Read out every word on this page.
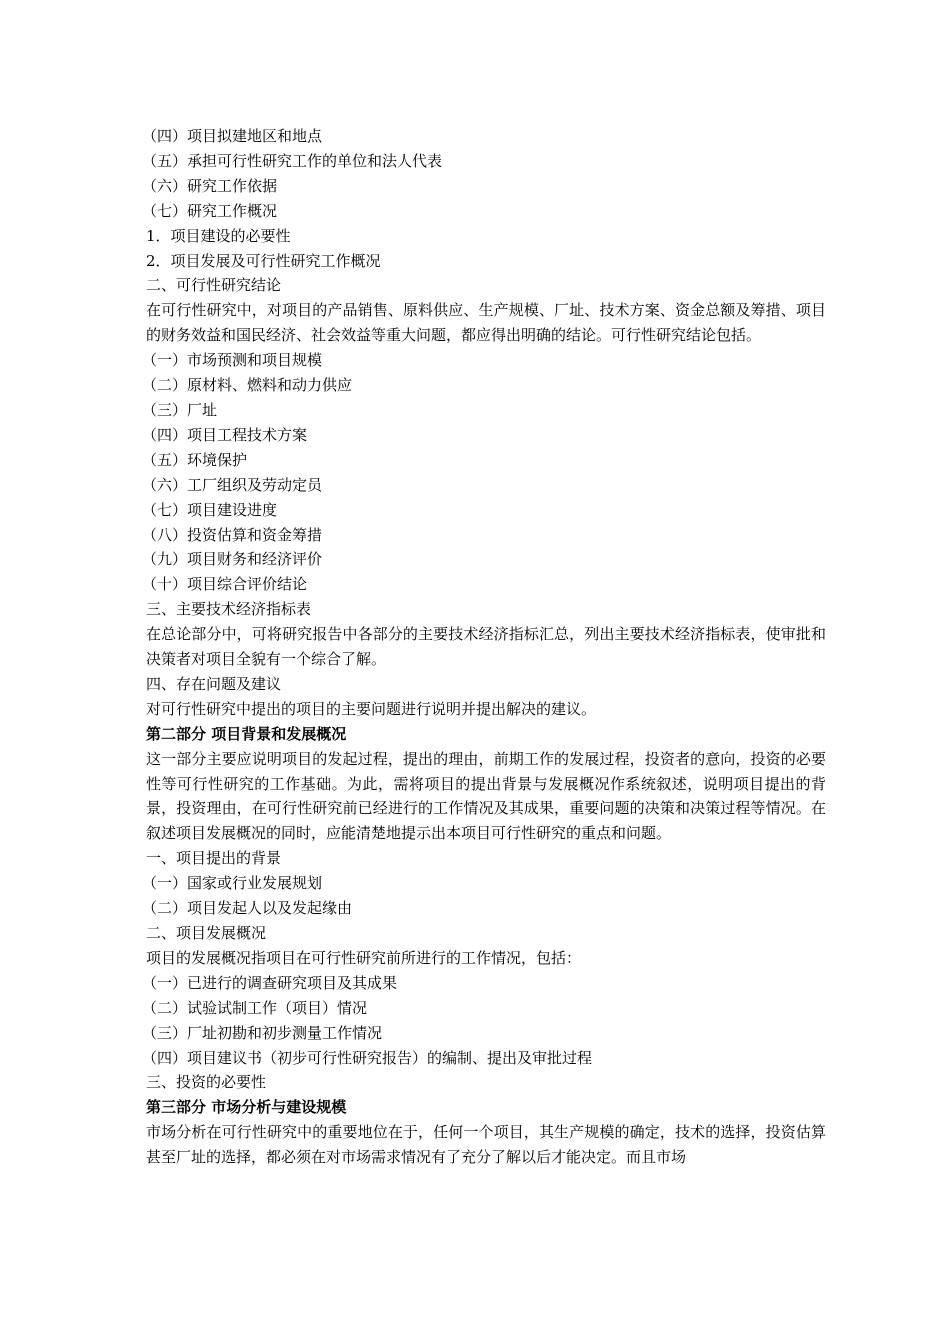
（四）项目拟建地区和地点

（五）承担可行性研究工作的单位和法人代表

（六）研究工作依据

（七）研究工作概况

1．项目建设的必要性

2．项目发展及可行性研究工作概况

二、可行性研究结论

在可行性研究中，对项目的产品销售、原料供应、生产规模、厂址、技术方案、资金总额及筹措、项目的财务效益和国民经济、社会效益等重大问题，都应得出明确的结论。可行性研究结论包括。

（一）市场预测和项目规模

（二）原材料、燃料和动力供应

（三）厂址

（四）项目工程技术方案

（五）环境保护

（六）工厂组织及劳动定员

（七）项目建设进度

（八）投资估算和资金筹措

（九）项目财务和经济评价

（十）项目综合评价结论

三、主要技术经济指标表

在总论部分中，可将研究报告中各部分的主要技术经济指标汇总，列出主要技术经济指标表，使审批和决策者对项目全貌有一个综合了解。

四、存在问题及建议

对可行性研究中提出的项目的主要问题进行说明并提出解决的建议。

第二部分 项目背景和发展概况

这一部分主要应说明项目的发起过程，提出的理由，前期工作的发展过程，投资者的意向，投资的必要性等可行性研究的工作基础。为此，需将项目的提出背景与发展概况作系统叙述，说明项目提出的背景，投资理由，在可行性研究前已经进行的工作情况及其成果，重要问题的决策和决策过程等情况。在叙述项目发展概况的同时，应能清楚地提示出本项目可行性研究的重点和问题。

一、项目提出的背景

（一）国家或行业发展规划

（二）项目发起人以及发起缘由

二、项目发展概况

项目的发展概况指项目在可行性研究前所进行的工作情况，包括：

（一）已进行的调查研究项目及其成果

（二）试验试制工作（项目）情况

（三）厂址初勘和初步测量工作情况

（四）项目建议书（初步可行性研究报告）的编制、提出及审批过程

三、投资的必要性

第三部分 市场分析与建设规模

市场分析在可行性研究中的重要地位在于，任何一个项目，其生产规模的确定，技术的选择，投资估算甚至厂址的选择，都必须在对市场需求情况有了充分了解以后才能决定。而且市场
